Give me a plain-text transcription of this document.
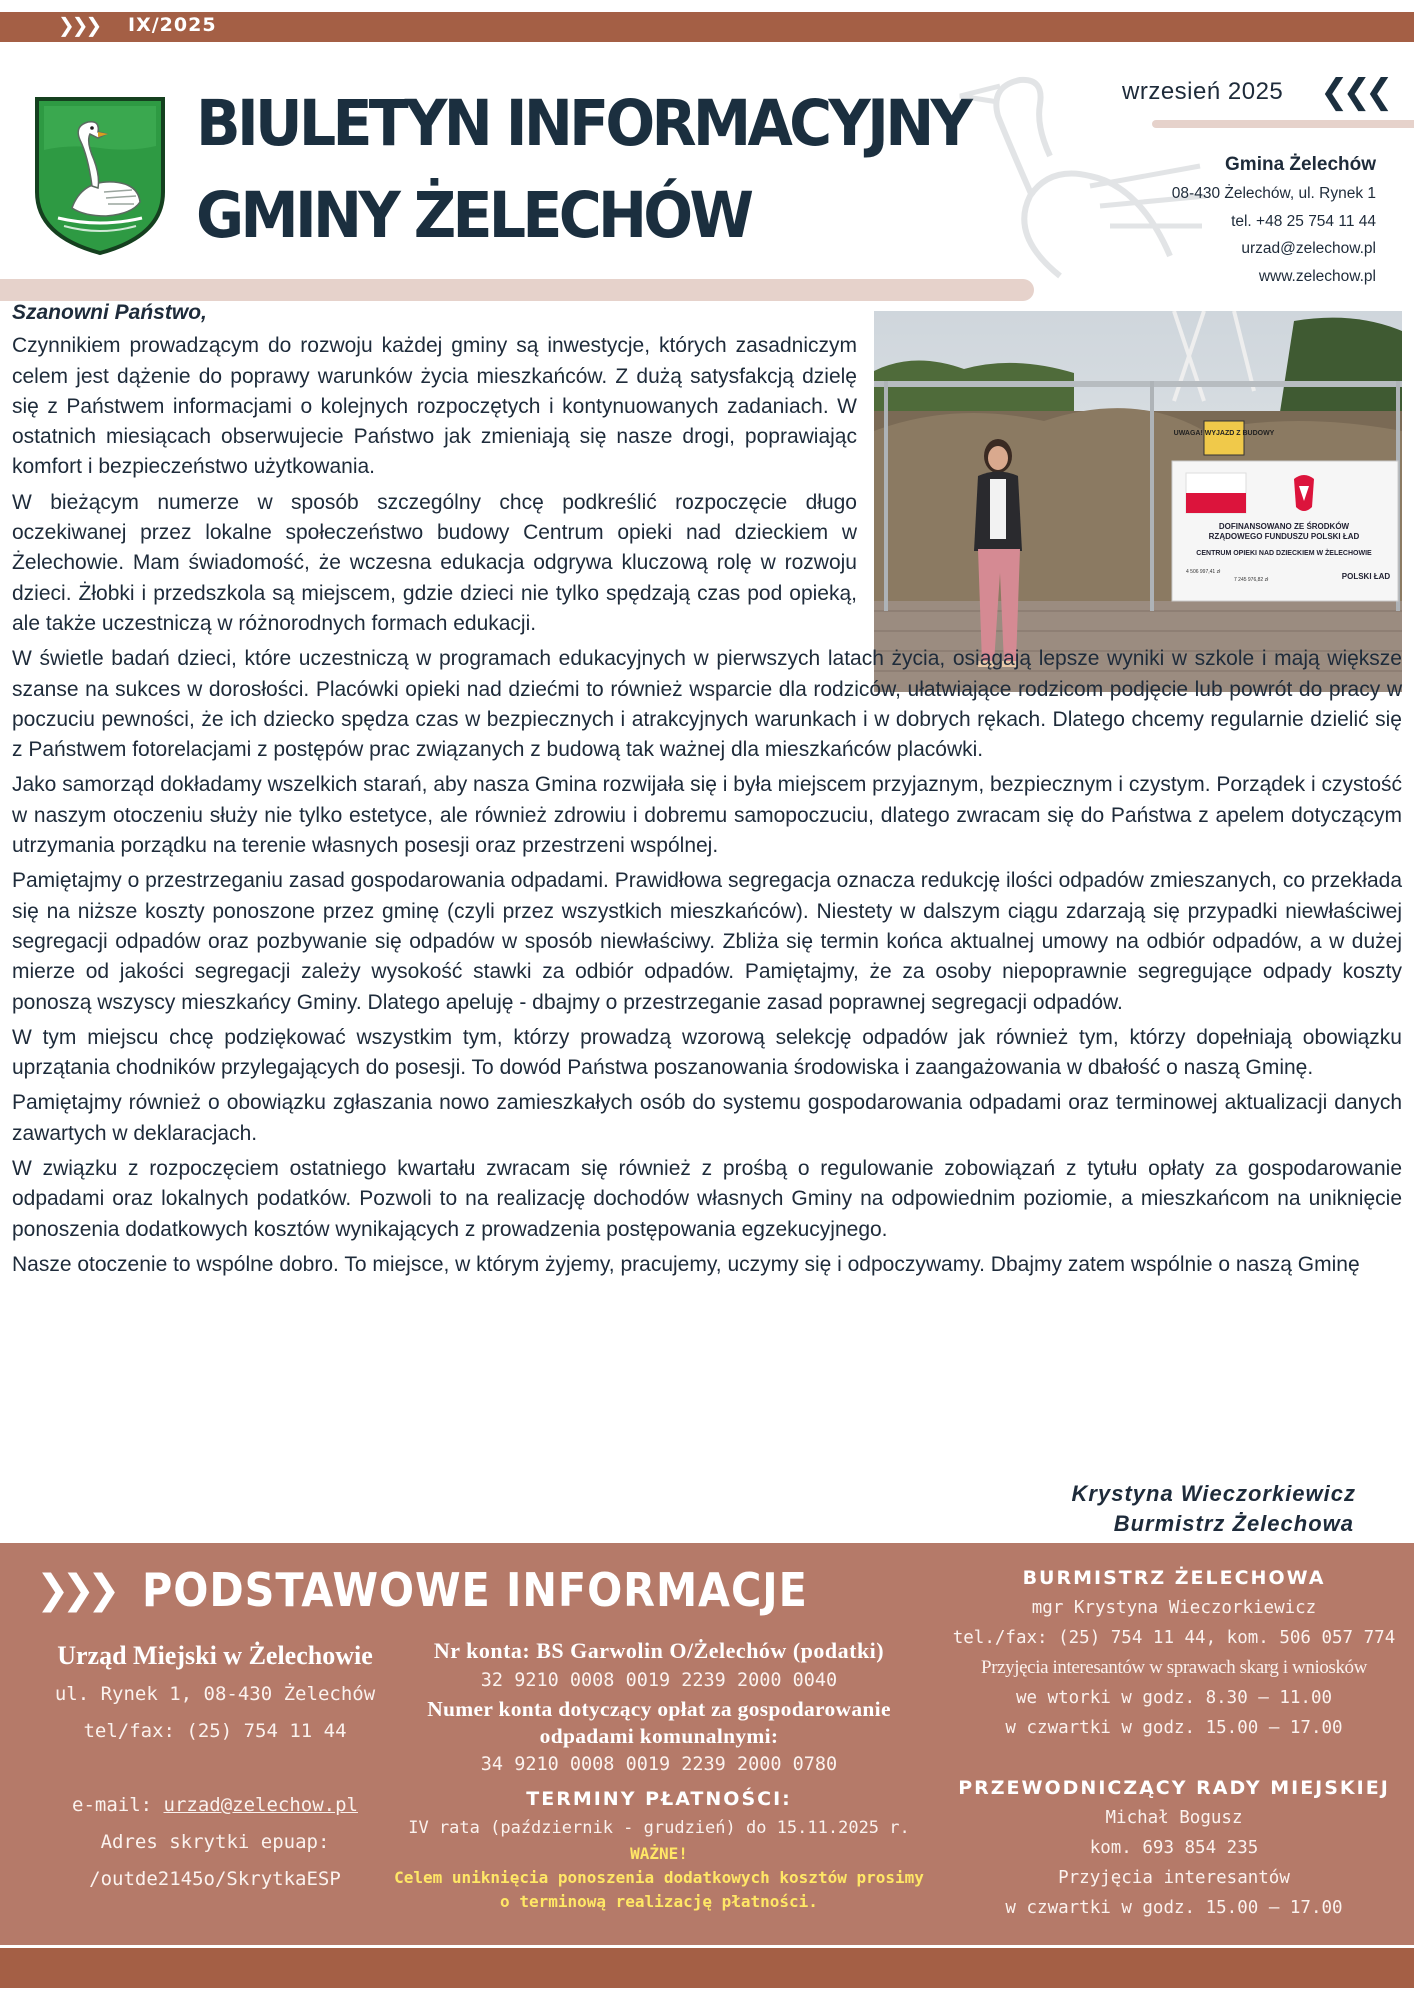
❯❯❯ IX/2025
BIULETYN INFORMACYJNY
GMINY ŻELECHÓW
wrzesień 2025 ❮❮❮
Gmina Żelechów
08-430 Żelechów, ul. Rynek 1
tel. +48 25 754 11 44
urzad@zelechow.pl
www.zelechow.pl
UWAGA! WYJAZD Z BUDOWY
DOFINANSOWANO ZE ŚRODKÓW
RZĄDOWEGO FUNDUSZU POLSKI ŁAD
CENTRUM OPIEKI NAD DZIECKIEM W ŻELECHOWIE
4 506 997,41 zł
7 245 976,82 zł	POLSKI ŁAD
Szanowni Państwo,

Czynnikiem prowadzącym do rozwoju każdej gminy są inwestycje, których zasadniczym celem jest dążenie do poprawy warunków życia mieszkańców. Z dużą satysfakcją dzielę się z Państwem informacjami o kolejnych rozpoczętych i kontynuowanych zadaniach. W ostatnich miesiącach obserwujecie Państwo jak zmieniają się nasze drogi, poprawiając komfort i bezpieczeństwo użytkowania.

W bieżącym numerze w sposób szczególny chcę podkreślić rozpoczęcie długo oczekiwanej przez lokalne społeczeństwo budowy Centrum opieki nad dzieckiem w Żelechowie. Mam świadomość, że wczesna edukacja odgrywa kluczową rolę w rozwoju dzieci. Żłobki i przedszkola są miejscem, gdzie dzieci nie tylko spędzają czas pod opieką, ale także uczestniczą w różnorodnych formach edukacji.

W świetle badań dzieci, które uczestniczą w programach edukacyjnych w pierwszych latach życia, osiągają lepsze wyniki w szkole i mają większe szanse na sukces w dorosłości. Placówki opieki nad dziećmi to również wsparcie dla rodziców, ułatwiające rodzicom podjęcie lub powrót do pracy w poczuciu pewności, że ich dziecko spędza czas w bezpiecznych i atrakcyjnych warunkach i w dobrych rękach. Dlatego chcemy regularnie dzielić się z Państwem fotorelacjami z postępów prac związanych z budową tak ważnej dla mieszkańców placówki.

Jako samorząd dokładamy wszelkich starań, aby nasza Gmina rozwijała się i była miejscem przyjaznym, bezpiecznym i czystym. Porządek i czystość w naszym otoczeniu służy nie tylko estetyce, ale również zdrowiu i dobremu samopoczuciu, dlatego zwracam się do Państwa z apelem dotyczącym utrzymania porządku na terenie własnych posesji oraz przestrzeni wspólnej.

Pamiętajmy o przestrzeganiu zasad gospodarowania odpadami. Prawidłowa segregacja oznacza redukcję ilości odpadów zmieszanych, co przekłada się na niższe koszty ponoszone przez gminę (czyli przez wszystkich mieszkańców). Niestety w dalszym ciągu zdarzają się przypadki niewłaściwej segregacji odpadów oraz pozbywanie się odpadów w sposób niewłaściwy. Zbliża się termin końca aktualnej umowy na odbiór odpadów, a w dużej mierze od jakości segregacji zależy wysokość stawki za odbiór odpadów. Pamiętajmy, że za osoby niepoprawnie segregujące odpady koszty ponoszą wszyscy mieszkańcy Gminy. Dlatego apeluję - dbajmy o przestrzeganie zasad poprawnej segregacji odpadów.

W tym miejscu chcę podziękować wszystkim tym, którzy prowadzą wzorową selekcję odpadów jak również tym, którzy dopełniają obowiązku uprzątania chodników przylegających do posesji. To dowód Państwa poszanowania środowiska i zaangażowania w dbałość o naszą Gminę.

Pamiętajmy również o obowiązku zgłaszania nowo zamieszkałych osób do systemu gospodarowania odpadami oraz terminowej aktualizacji danych zawartych w deklaracjach.

W związku z rozpoczęciem ostatniego kwartału zwracam się również z prośbą o regulowanie zobowiązań z tytułu opłaty za gospodarowanie odpadami oraz lokalnych podatków. Pozwoli to na realizację dochodów własnych Gminy na odpowiednim poziomie, a mieszkańcom na uniknięcie ponoszenia dodatkowych kosztów wynikających z prowadzenia postępowania egzekucyjnego.

Nasze otoczenie to wspólne dobro. To miejsce, w którym żyjemy, pracujemy, uczymy się i odpoczywamy. Dbajmy zatem wspólnie o naszą Gminę

Krystyna Wieczorkiewicz
Burmistrz Żelechowa
❯❯❯ PODSTAWOWE INFORMACJE
Urząd Miejski w Żelechowie
ul. Rynek 1, 08-430 Żelechów
tel/fax: (25) 754 11 44
e-mail: urzad@zelechow.pl
Adres skrytki epuap:
/outde2145o/SkrytkaESP
Nr konta: BS Garwolin O/Żelechów (podatki)
32 9210 0008 0019 2239 2000 0040
Numer konta dotyczący opłat za gospodarowanie odpadami komunalnymi:
34 9210 0008 0019 2239 2000 0780
TERMINY PŁATNOŚCI:
IV rata (październik - grudzień) do 15.11.2025 r.
WAŻNE!
Celem uniknięcia ponoszenia dodatkowych kosztów prosimy o terminową realizację płatności.
BURMISTRZ ŻELECHOWA
mgr Krystyna Wieczorkiewicz
tel./fax: (25) 754 11 44, kom. 506 057 774
Przyjęcia interesantów w sprawach skarg i wniosków
we wtorki w godz. 8.30 – 11.00
w czwartki w godz. 15.00 – 17.00
PRZEWODNICZĄCY RADY MIEJSKIEJ
Michał Bogusz
kom. 693 854 235
Przyjęcia interesantów
w czwartki w godz. 15.00 – 17.00
